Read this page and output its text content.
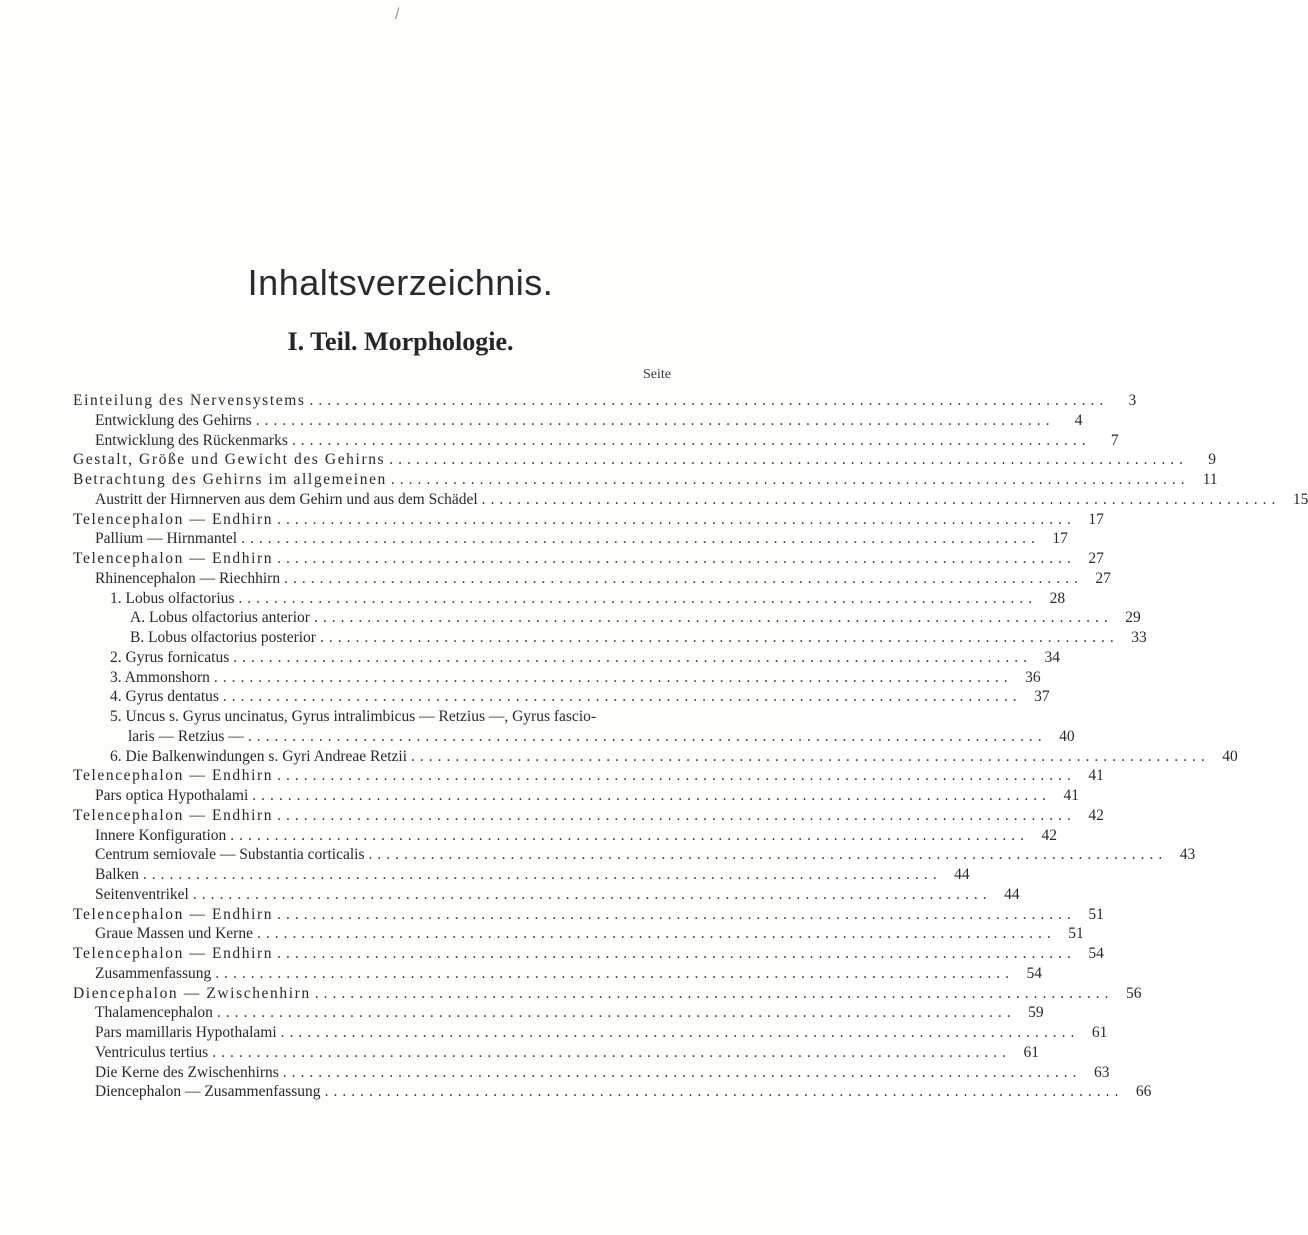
/
Inhaltsverzeichnis.
I. Teil. Morphologie.
Seite
Einteilung des Nervensystems ..........................................................................................	3
Entwicklung des Gehirns ..........................................................................................	4
Entwicklung des Rückenmarks ..........................................................................................	7
Gestalt, Größe und Gewicht des Gehirns ..........................................................................................	9
Betrachtung des Gehirns im allgemeinen .......................................................................................... 11
Austritt der Hirnnerven aus dem Gehirn und aus dem Schädel .......................................................................................... 15
Telencephalon — Endhirn .......................................................................................... 17
Pallium — Hirnmantel .......................................................................................... 17
Telencephalon — Endhirn .......................................................................................... 27
Rhinencephalon — Riechhirn .......................................................................................... 27
1. Lobus olfactorius .......................................................................................... 28
A. Lobus olfactorius anterior .......................................................................................... 29
B. Lobus olfactorius posterior .......................................................................................... 33
2. Gyrus fornicatus .......................................................................................... 34
3. Ammonshorn .......................................................................................... 36
4. Gyrus dentatus .......................................................................................... 37
5. Uncus s. Gyrus uncinatus, Gyrus intralimbicus — Retzius —, Gyrus fascio-
laris — Retzius — .......................................................................................... 40
6. Die Balkenwindungen s. Gyri Andreae Retzii .......................................................................................... 40
Telencephalon — Endhirn .......................................................................................... 41
Pars optica Hypothalami .......................................................................................... 41
Telencephalon — Endhirn .......................................................................................... 42
Innere Konfiguration .......................................................................................... 42
Centrum semiovale — Substantia corticalis .......................................................................................... 43
Balken .......................................................................................... 44
Seitenventrikel .......................................................................................... 44
Telencephalon — Endhirn .......................................................................................... 51
Graue Massen und Kerne .......................................................................................... 51
Telencephalon — Endhirn .......................................................................................... 54
Zusammenfassung .......................................................................................... 54
Diencephalon — Zwischenhirn .......................................................................................... 56
Thalamencephalon .......................................................................................... 59
Pars mamillaris Hypothalami .......................................................................................... 61
Ventriculus tertius .......................................................................................... 61
Die Kerne des Zwischenhirns .......................................................................................... 63
Diencephalon — Zusammenfassung .......................................................................................... 66
